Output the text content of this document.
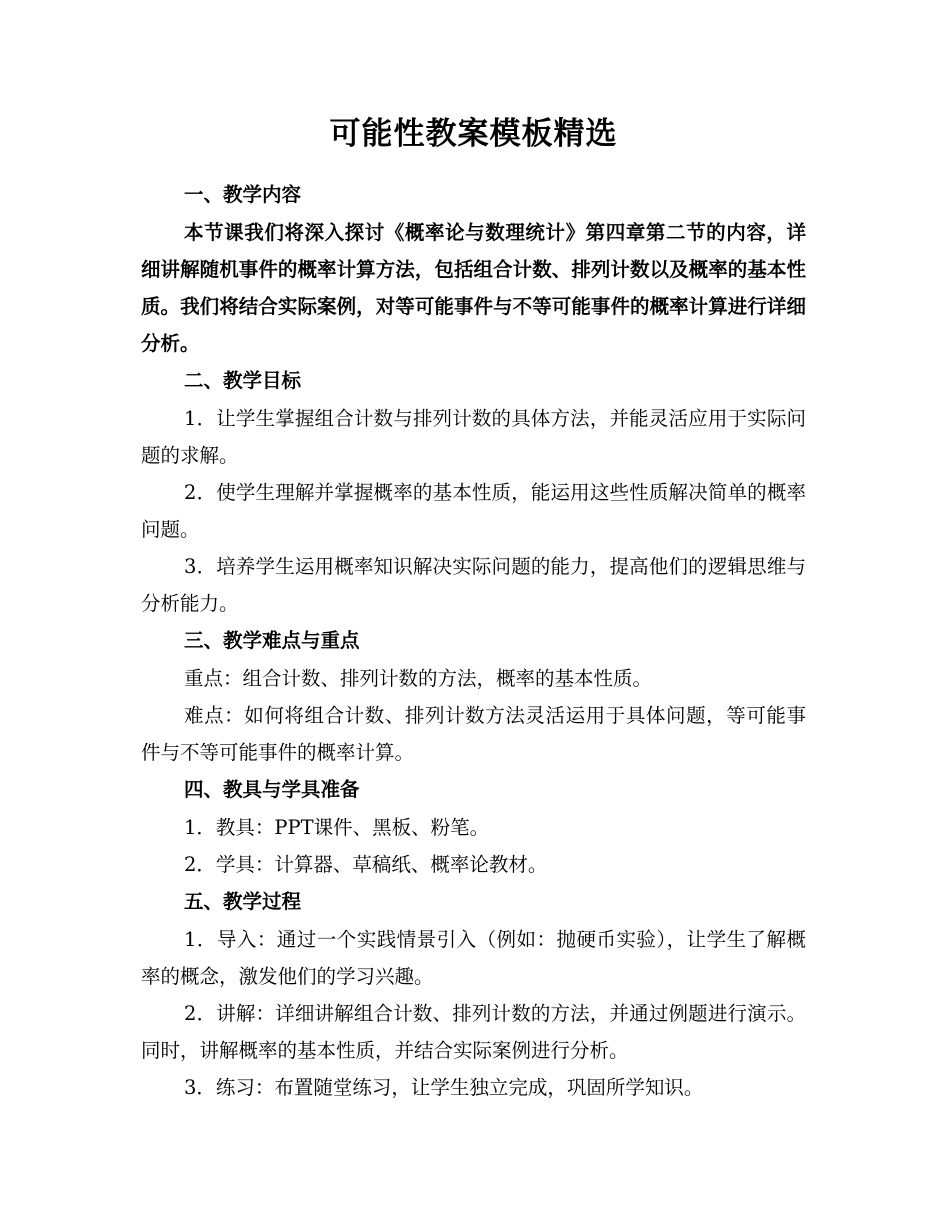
可能性教案模板精选
一、教学内容

本节课我们将深入探讨《概率论与数理统计》第四章第二节的内容，详细讲解随机事件的概率计算方法，包括组合计数、排列计数以及概率的基本性质。我们将结合实际案例，对等可能事件与不等可能事件的概率计算进行详细分析。

二、教学目标

1．让学生掌握组合计数与排列计数的具体方法，并能灵活应用于实际问题的求解。

2．使学生理解并掌握概率的基本性质，能运用这些性质解决简单的概率问题。

3．培养学生运用概率知识解决实际问题的能力，提高他们的逻辑思维与分析能力。

三、教学难点与重点

重点：组合计数、排列计数的方法，概率的基本性质。

难点：如何将组合计数、排列计数方法灵活运用于具体问题，等可能事件与不等可能事件的概率计算。

四、教具与学具准备

1．教具：PPT课件、黑板、粉笔。

2．学具：计算器、草稿纸、概率论教材。

五、教学过程

1．导入：通过一个实践情景引入（例如：抛硬币实验），让学生了解概率的概念，激发他们的学习兴趣。

2．讲解：详细讲解组合计数、排列计数的方法，并通过例题进行演示。同时，讲解概率的基本性质，并结合实际案例进行分析。

3．练习：布置随堂练习，让学生独立完成，巩固所学知识。
